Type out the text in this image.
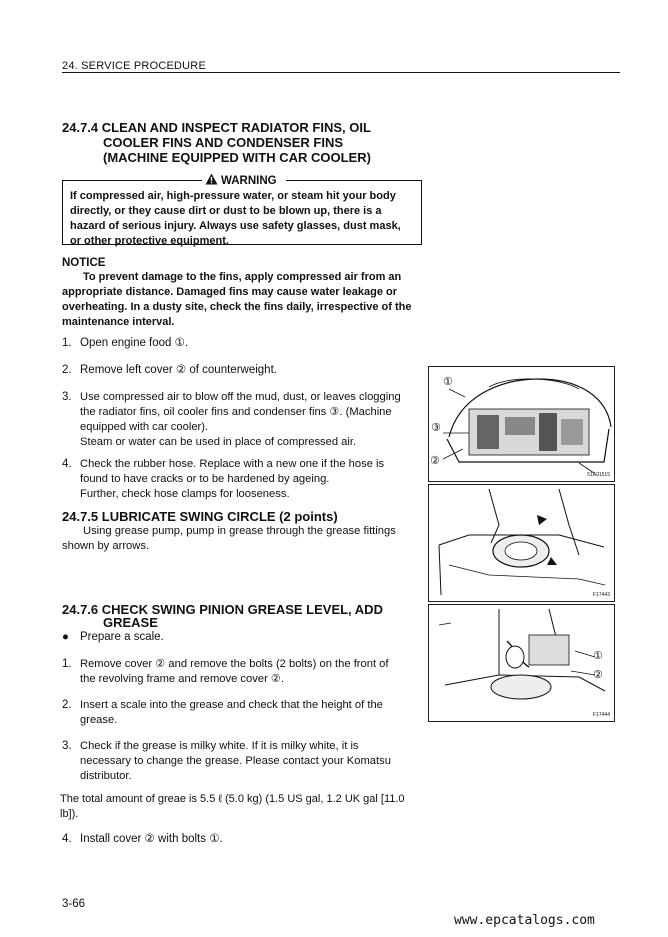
24. SERVICE PROCEDURE
24.7.4 CLEAN AND INSPECT RADIATOR FINS, OIL
COOLER FINS AND CONDENSER FINS
(MACHINE EQUIPPED WITH CAR COOLER)
WARNING
If compressed air, high-pressure water, or steam hit your body
directly, or they cause dirt or dust to be blown up, there is a
hazard of serious injury. Always use safety glasses, dust mask,
or other protective equipment.
NOTICE
To prevent damage to the fins, apply compressed air from an
appropriate distance. Damaged fins may cause water leakage or
overheating. In a dusty site, check the fins daily, irrespective of the
maintenance interval.
1. Open engine food ①.
2. Remove left cover ② of counterweight.
3. Use compressed air to blow off the mud, dust, or leaves clogging
the radiator fins, oil cooler fins and condenser fins ③. (Machine
equipped with car cooler).
Steam or water can be used in place of compressed air.
4. Check the rubber hose. Replace with a new one if the hose is
found to have cracks or to be hardened by ageing.
Further, check hose clamps for looseness.
24.7.5 LUBRICATE SWING CIRCLE (2 points)
Using grease pump, pump in grease through the grease fittings
shown by arrows.
24.7.6 CHECK SWING PINION GREASE LEVEL, ADD
GREASE
● Prepare a scale.
1. Remove cover ② and remove the bolts (2 bolts) on the front of
the revolving frame and remove cover ②.
2. Insert a scale into the grease and check that the height of the
grease.
3. Check if the grease is milky white. If it is milky white, it is
necessary to change the grease. Please contact your Komatsu
distributor.
The total amount of greae is 5.5 ℓ (5.0 kg) (1.5 US gal, 1.2 UK gal [11.0
lb]).
4. Install cover ② with bolts ①.
①
③
②
51A01515
F17443
①
②
F17444
3-66
www.epcatalogs.com
